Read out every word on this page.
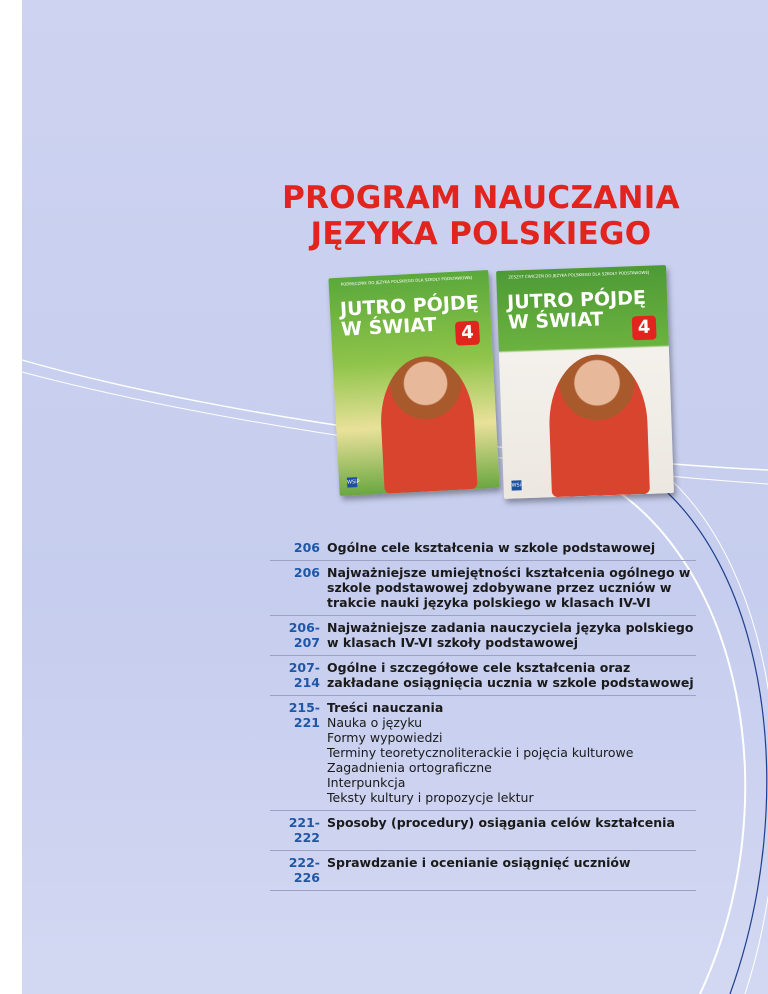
PROGRAM NAUCZANIA
JĘZYKA POLSKIEGO
PODRĘCZNIK DO JĘZYKA POLSKIEGO DLA SZKOŁY PODSTAWOWEJ
JUTRO PÓJDĘ W ŚWIAT	4
WSiP
ZESZYT ĆWICZEŃ DO JĘZYKA POLSKIEGO DLA SZKOŁY PODSTAWOWEJ
JUTRO PÓJDĘ W ŚWIAT	4
WSiP
206 Ogólne cele kształcenia w szkole podstawowej
206 Najważniejsze umiejętności kształcenia ogólnego w szkole podstawowej zdobywane przez uczniów w trakcie nauki języka polskiego w klasach IV-VI
206-207
Najważniejsze zadania nauczyciela języka polskiego w klasach IV-VI szkoły podstawowej
207-214
Ogólne i szczegółowe cele kształcenia oraz zakładane osiągnięcia ucznia w szkole podstawowej
215-221
Treści nauczania
Nauka o języku
Formy wypowiedzi
Terminy teoretycznoliterackie i pojęcia kulturowe
Zagadnienia ortograficzne
Interpunkcja
Teksty kultury i propozycje lektur
221-222
Sposoby (procedury) osiągania celów kształcenia
222-226
Sprawdzanie i ocenianie osiągnięć uczniów
